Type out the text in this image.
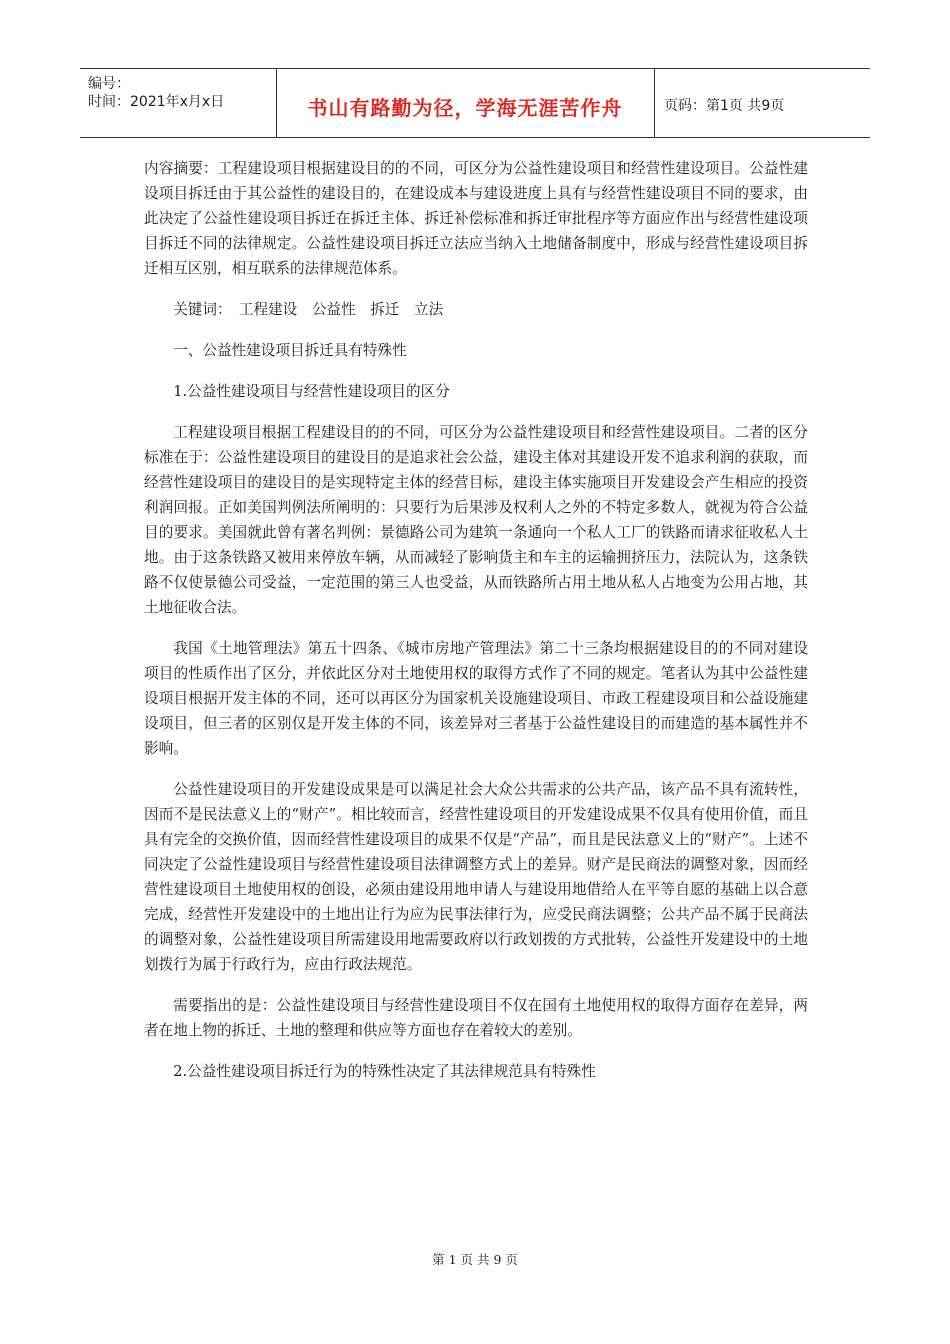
编号：
时间：2021年x月x日	书山有路勤为径，学海无涯苦作舟	页码：第1页 共9页

内容摘要：工程建设项目根据建设目的的不同，可区分为公益性建设项目和经营性建设项目。公益性建设项目拆迁由于其公益性的建设目的，在建设成本与建设进度上具有与经营性建设项目不同的要求，由此决定了公益性建设项目拆迁在拆迁主体、拆迁补偿标准和拆迁审批程序等方面应作出与经营性建设项目拆迁不同的法律规定。公益性建设项目拆迁立法应当纳入土地储备制度中，形成与经营性建设项目拆迁相互区别，相互联系的法律规范体系。

关键词：　工程建设　公益性　拆迁　立法

一、公益性建设项目拆迁具有特殊性

1.公益性建设项目与经营性建设项目的区分

工程建设项目根据工程建设目的的不同，可区分为公益性建设项目和经营性建设项目。二者的区分标准在于：公益性建设项目的建设目的是追求社会公益，建设主体对其建设开发不追求利润的获取，而经营性建设项目的建设目的是实现特定主体的经营目标，建设主体实施项目开发建设会产生相应的投资利润回报。正如美国判例法所阐明的：只要行为后果涉及权利人之外的不特定多数人，就视为符合公益目的要求。美国就此曾有著名判例：景德路公司为建筑一条通向一个私人工厂的铁路而请求征收私人土地。由于这条铁路又被用来停放车辆，从而减轻了影响货主和车主的运输拥挤压力，法院认为，这条铁路不仅使景德公司受益，一定范围的第三人也受益，从而铁路所占用土地从私人占地变为公用占地，其土地征收合法。

我国《土地管理法》第五十四条、《城市房地产管理法》第二十三条均根据建设目的的不同对建设项目的性质作出了区分，并依此区分对土地使用权的取得方式作了不同的规定。笔者认为其中公益性建设项目根据开发主体的不同，还可以再区分为国家机关设施建设项目、市政工程建设项目和公益设施建设项目，但三者的区别仅是开发主体的不同，该差异对三者基于公益性建设目的而建造的基本属性并不影响。

公益性建设项目的开发建设成果是可以满足社会大众公共需求的公共产品，该产品不具有流转性，因而不是民法意义上的“财产”。相比较而言，经营性建设项目的开发建设成果不仅具有使用价值，而且具有完全的交换价值，因而经营性建设项目的成果不仅是“产品”，而且是民法意义上的“财产”。上述不同决定了公益性建设项目与经营性建设项目法律调整方式上的差异。财产是民商法的调整对象，因而经营性建设项目土地使用权的创设，必须由建设用地申请人与建设用地借给人在平等自愿的基础上以合意完成，经营性开发建设中的土地出让行为应为民事法律行为，应受民商法调整；公共产品不属于民商法的调整对象，公益性建设项目所需建设用地需要政府以行政划拨的方式批转，公益性开发建设中的土地划拨行为属于行政行为，应由行政法规范。

需要指出的是：公益性建设项目与经营性建设项目不仅在国有土地使用权的取得方面存在差异，两者在地上物的拆迁、土地的整理和供应等方面也存在着较大的差别。

2.公益性建设项目拆迁行为的特殊性决定了其法律规范具有特殊性

第 1 页 共 9 页
